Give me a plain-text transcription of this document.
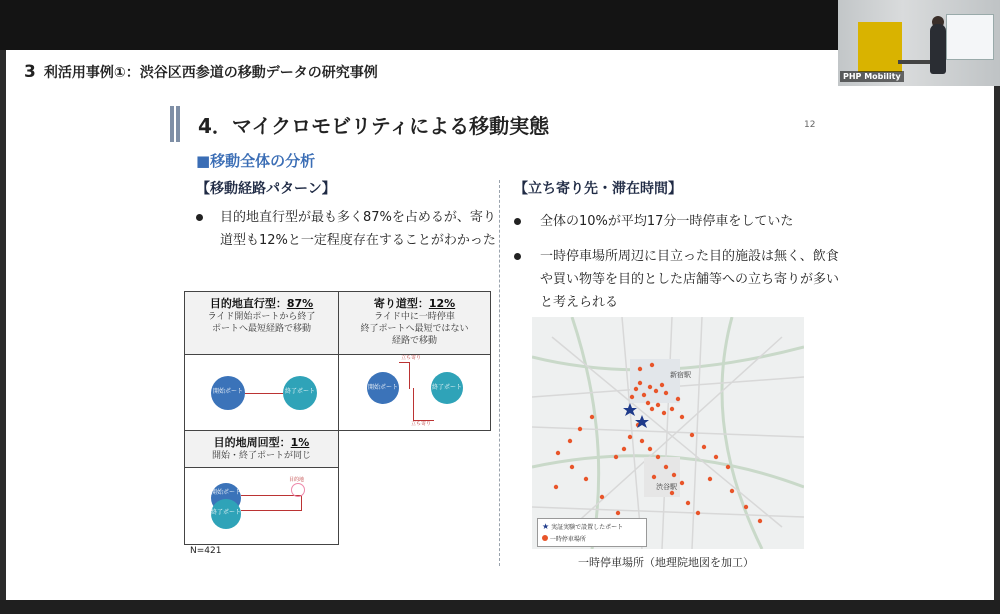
3 利活用事例①：渋谷区西参道の移動データの研究事例
4．マイクロモビリティによる移動実態	12
■移動全体の分析
【移動経路パターン】
目的地直行型が最も多く87%を占めるが、寄り道型も12%と一定程度存在することがわかった
目的地直行型：87%
ライド開始ポートから終了
ポートへ最短経路で移動
開始ポート	終了ポート
寄り道型：12%
ライド中に一時停車
終了ポートへ最短ではない
経路で移動
開始ポート	終了ポート
立ち寄り
立ち寄り
目的地周回型：1%
開始・終了ポートが同じ
開始ポート
終了ポート
目的地
N=421
【立ち寄り先・滞在時間】
全体の10%が平均17分一時停車をしていた
一時停車場所周辺に目立った目的施設は無く、飲食や買い物等を目的とした店舗等への立ち寄りが多いと考えられる
新宿駅
渋谷駅
★ 実証実験で設置したポート
一時停車場所
一時停車場所（地理院地図を加工）
PHP Mobility
